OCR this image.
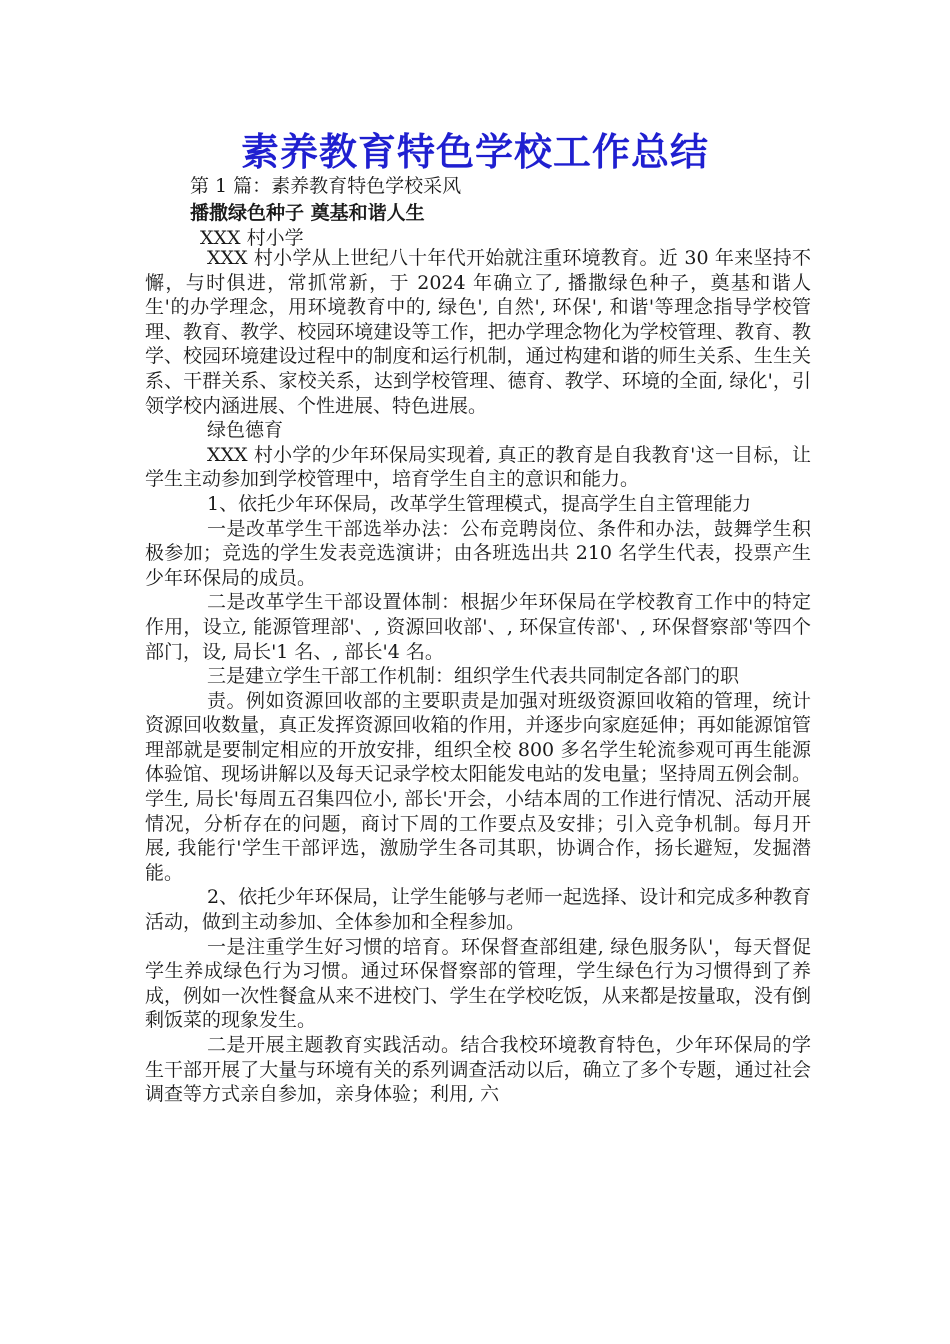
素养教育特色学校工作总结
第 1 篇：素养教育特色学校采风
播撒绿色种子 奠基和谐人生
XXX 村小学

XXX 村小学从上世纪八十年代开始就注重环境教育。近 30 年来坚持不懈，与时俱进，常抓常新，于 2024 年确立了, 播撒绿色种子，奠基和谐人生'的办学理念，用环境教育中的, 绿色', 自然', 环保', 和谐'等理念指导学校管理、教育、教学、校园环境建设等工作，把办学理念物化为学校管理、教育、教学、校园环境建设过程中的制度和运行机制，通过构建和谐的师生关系、生生关系、干群关系、家校关系，达到学校管理、德育、教学、环境的全面, 绿化'，引领学校内涵进展、个性进展、特色进展。

绿色德育

XXX 村小学的少年环保局实现着, 真正的教育是自我教育'这一目标，让学生主动参加到学校管理中，培育学生自主的意识和能力。

1、依托少年环保局，改革学生管理模式，提高学生自主管理能力

一是改革学生干部选举办法：公布竞聘岗位、条件和办法，鼓舞学生积极参加；竞选的学生发表竞选演讲；由各班选出共 210 名学生代表，投票产生少年环保局的成员。

二是改革学生干部设置体制：根据少年环保局在学校教育工作中的特定作用，设立, 能源管理部'、, 资源回收部'、, 环保宣传部'、, 环保督察部'等四个部门，设, 局长'1 名、, 部长'4 名。

三是建立学生干部工作机制：组织学生代表共同制定各部门的职

责。例如资源回收部的主要职责是加强对班级资源回收箱的管理，统计资源回收数量，真正发挥资源回收箱的作用，并逐步向家庭延伸；再如能源馆管理部就是要制定相应的开放安排，组织全校 800 多名学生轮流参观可再生能源体验馆、现场讲解以及每天记录学校太阳能发电站的发电量；坚持周五例会制。学生, 局长'每周五召集四位小, 部长'开会，小结本周的工作进行情况、活动开展情况，分析存在的问题，商讨下周的工作要点及安排；引入竞争机制。每月开展, 我能行'学生干部评选，激励学生各司其职，协调合作，扬长避短，发掘潜能。

2、依托少年环保局，让学生能够与老师一起选择、设计和完成多种教育活动，做到主动参加、全体参加和全程参加。

一是注重学生好习惯的培育。环保督查部组建, 绿色服务队'，每天督促学生养成绿色行为习惯。通过环保督察部的管理，学生绿色行为习惯得到了养成，例如一次性餐盒从来不进校门、学生在学校吃饭，从来都是按量取，没有倒剩饭菜的现象发生。

二是开展主题教育实践活动。结合我校环境教育特色，少年环保局的学生干部开展了大量与环境有关的系列调查活动以后，确立了多个专题，通过社会调查等方式亲自参加，亲身体验；利用, 六
